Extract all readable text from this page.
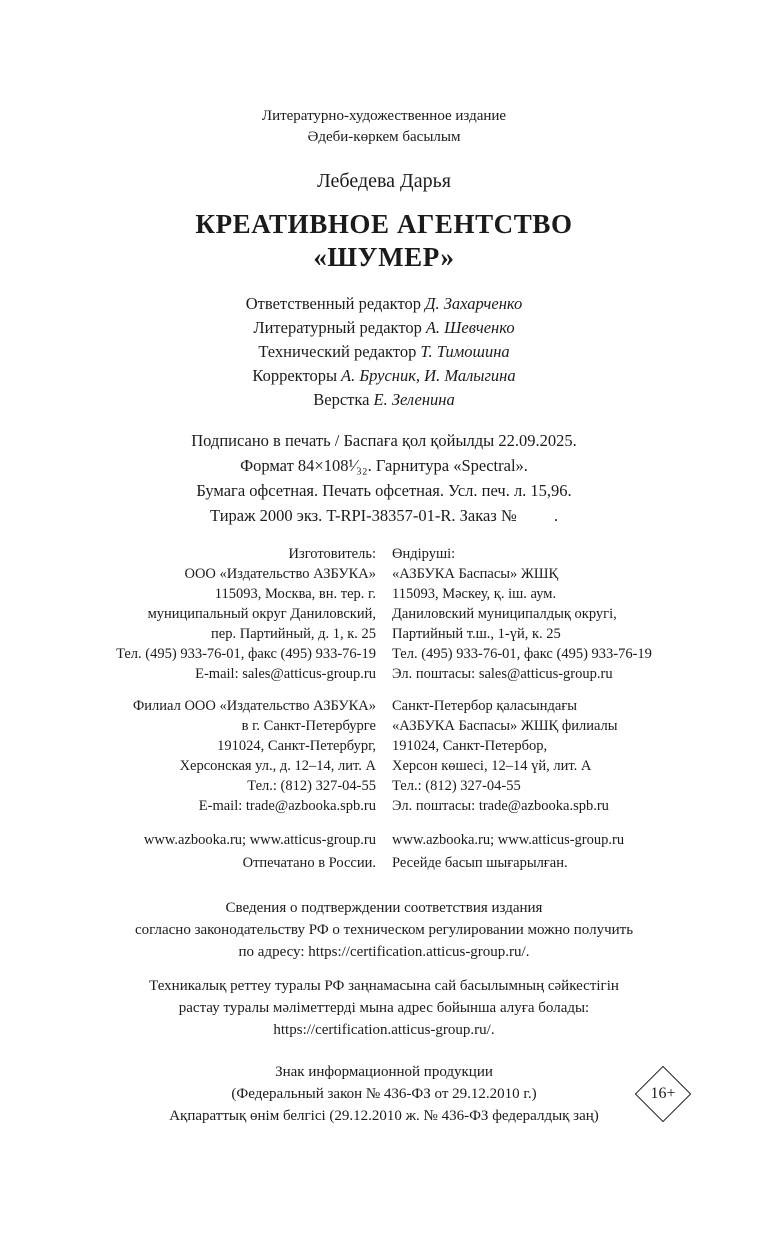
Литературно-художественное издание
Әдеби-көркем басылым
Лебедева Дарья
КРЕАТИВНОЕ АГЕНТСТВО
«ШУМЕР»
Ответственный редактор Д. Захарченко
Литературный редактор А. Шевченко
Технический редактор Т. Тимошина
Корректоры А. Брусник, И. Малыгина
Верстка Е. Зеленина
Подписано в печать / Баспаға қол қойылды 22.09.2025.
Формат 84×108¹⁄₃₂. Гарнитура «Spectral».
Бумага офсетная. Печать офсетная. Усл. печ. л. 15,96.
Тираж 2000 экз. T-RPI-38357-01-R. Заказ №         .
Изготовитель:
ООО «Издательство АЗБУКА»
115093, Москва, вн. тер. г.
муниципальный округ Даниловский,
пер. Партийный, д. 1, к. 25
Тел. (495) 933-76-01, факс (495) 933-76-19
E-mail: sales@atticus-group.ru
Өндіруші:
«АЗБУКА Баспасы» ЖШҚ
115093, Мәскеу, қ. іш. аум.
Даниловский муниципалдық округі,
Партийный т.ш., 1-үй, к. 25
Тел. (495) 933-76-01, факс (495) 933-76-19
Эл. поштасы: sales@atticus-group.ru
Филиал ООО «Издательство АЗБУКА»
в г. Санкт-Петербурге
191024, Санкт-Петербург,
Херсонская ул., д. 12–14, лит. А
Тел.: (812) 327-04-55
E-mail: trade@azbooka.spb.ru
Санкт-Петербор қаласындағы
«АЗБУКА Баспасы» ЖШҚ филиалы
191024, Санкт-Петербор,
Херсон көшесі, 12–14 үй, лит. А
Тел.: (812) 327-04-55
Эл. поштасы: trade@azbooka.spb.ru
www.azbooka.ru; www.atticus-group.ru www.azbooka.ru; www.atticus-group.ru
Отпечатано в России. Ресейде басып шығарылған.
Сведения о подтверждении соответствия издания
согласно законодательству РФ о техническом регулировании можно получить
по адресу: https://certification.atticus-group.ru/.
Техникалық реттеу туралы РФ заңнамасына сай басылымның сәйкестігін
растау туралы мәліметтерді мына адрес бойынша алуға болады:
https://certification.atticus-group.ru/.
Знак информационной продукции
(Федеральный закон № 436-ФЗ от 29.12.2010 г.)
Ақпараттық өнім белгісі (29.12.2010 ж. № 436-ФЗ федералдық заң)
16+
